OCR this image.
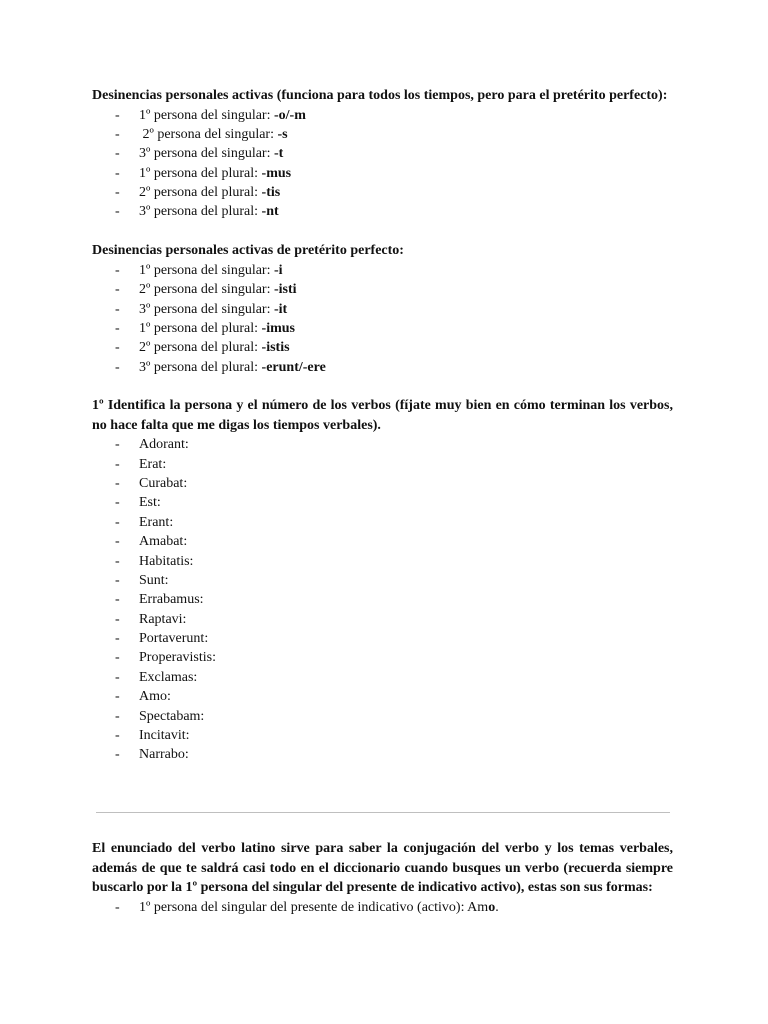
Desinencias personales activas (funciona para todos los tiempos, pero para el pretérito perfecto):

- 1º persona del singular: -o/-m
- 2º persona del singular: -s
- 3º persona del singular: -t
- 1º persona del plural: -mus
- 2º persona del plural: -tis
- 3º persona del plural: -nt

Desinencias personales activas de pretérito perfecto:

- 1º persona del singular: -i
- 2º persona del singular: -isti
- 3º persona del singular: -it
- 1º persona del plural: -imus
- 2º persona del plural: -istis
- 3º persona del plural: -erunt/-ere

1º Identifica la persona y el número de los verbos (fíjate muy bien en cómo terminan los verbos, no hace falta que me digas los tiempos verbales).

- Adorant:
- Erat:
- Curabat:
- Est:
- Erant:
- Amabat:
- Habitatis:
- Sunt:
- Errabamus:
- Raptavi:
- Portaverunt:
- Properavistis:
- Exclamas:
- Amo:
- Spectabam:
- Incitavit:
- Narrabo:

El enunciado del verbo latino sirve para saber la conjugación del verbo y los temas verbales, además de que te saldrá casi todo en el diccionario cuando busques un verbo (recuerda siempre buscarlo por la 1º persona del singular del presente de indicativo activo), estas son sus formas:

- 1º persona del singular del presente de indicativo (activo): Amo.
